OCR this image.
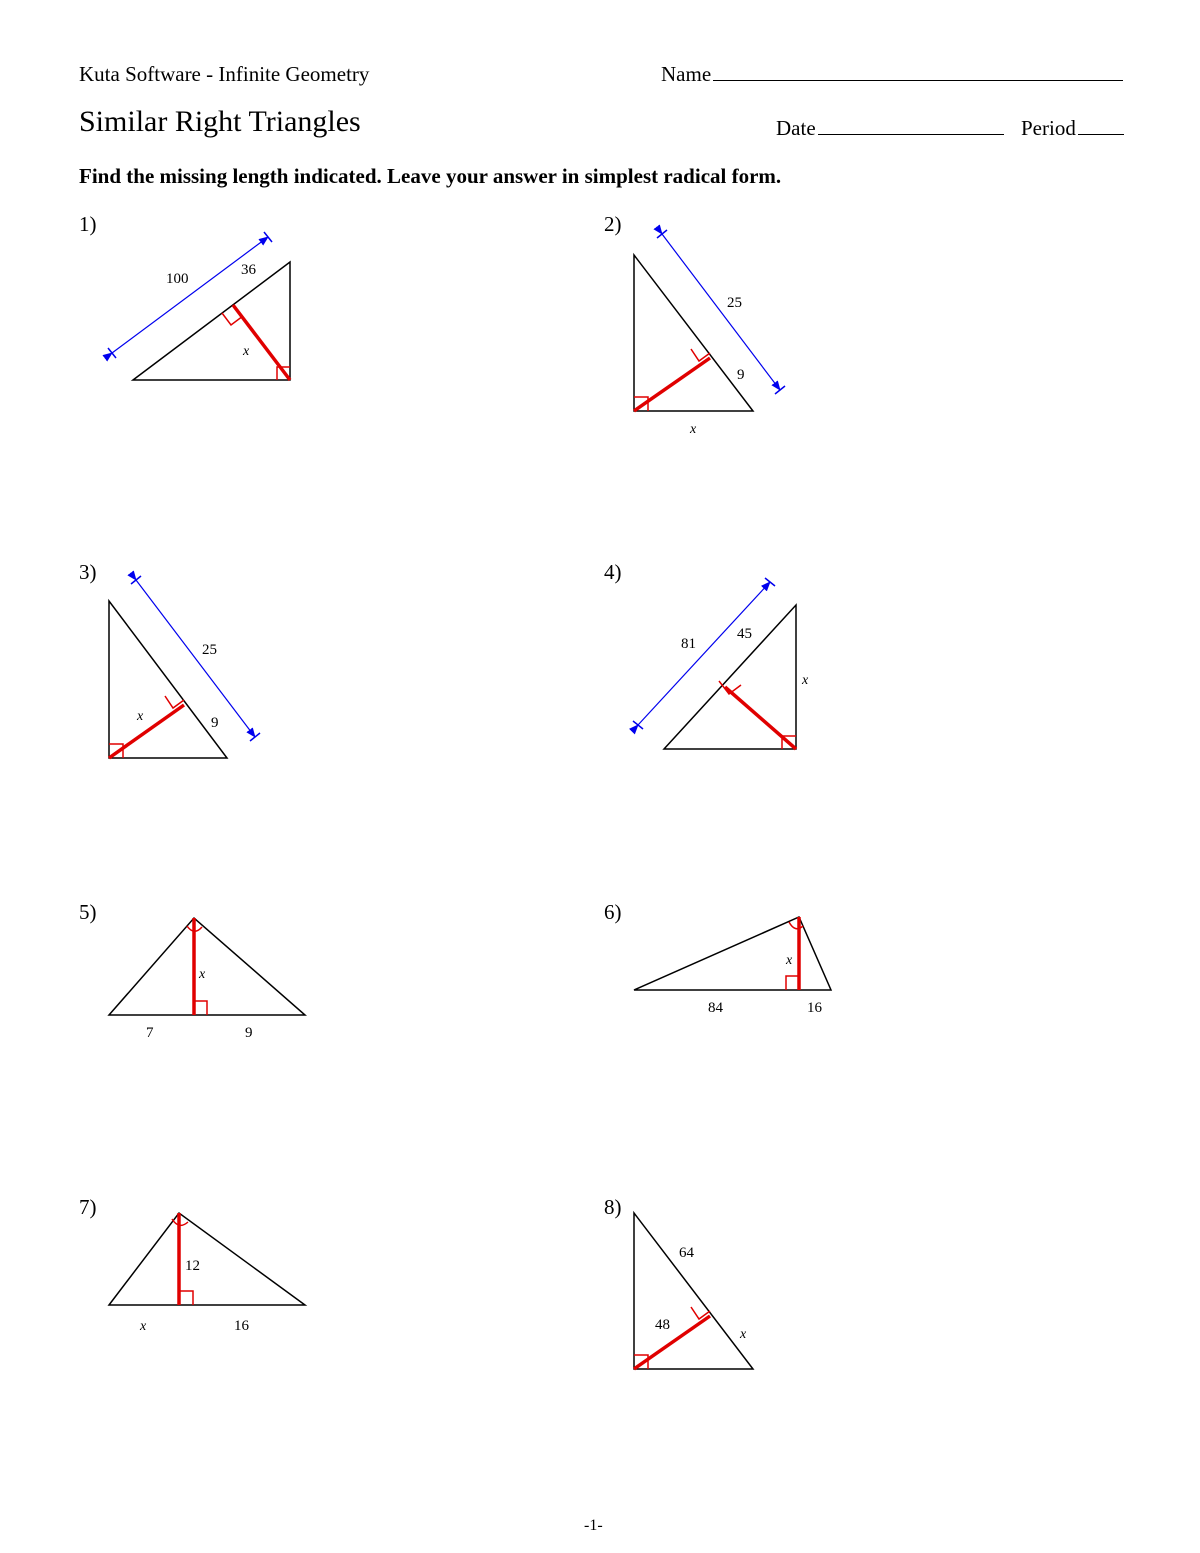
Kuta Software - Infinite Geometry	Name
Similar Right Triangles	Date	Period
Find the missing length indicated. Leave your answer in simplest radical form.
1)	2)
3)	4)
5)	6)
7)	8)
100
36
x
25
9
x
25
x	9
81
45
x
x
7	9
x
84	16
12
x	16
64
48
x
-1-
